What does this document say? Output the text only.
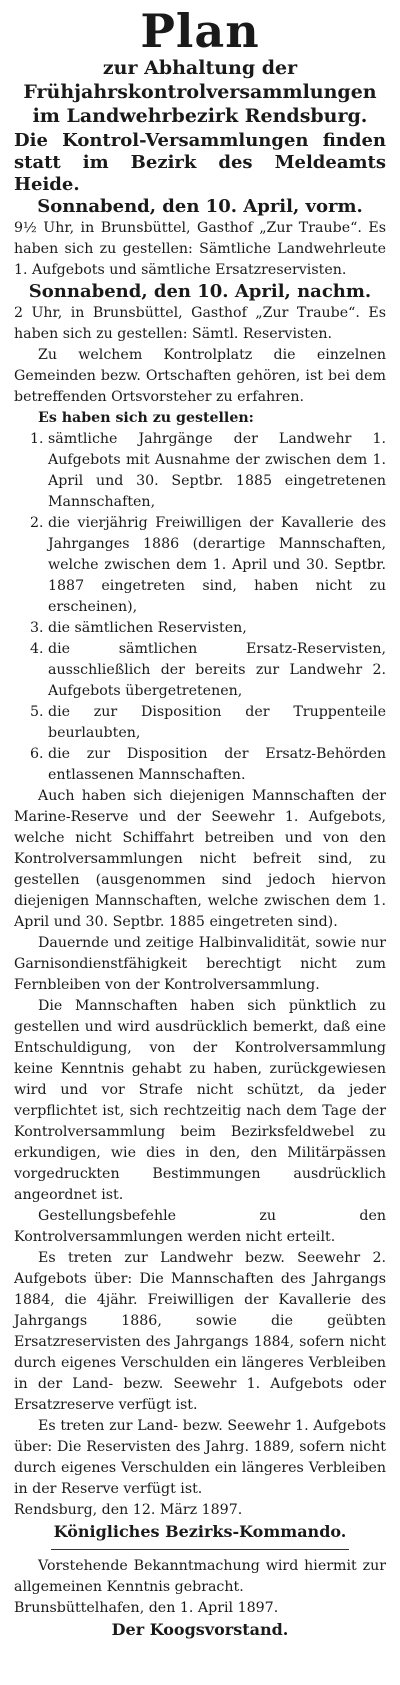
Plan
zur Abhaltung der Frühjahrskontrolversammlungen im Landwehrbezirk Rendsburg.
Die Kontrol-Versammlungen finden statt im Bezirk des Meldeamts Heide.
Sonnabend, den 10. April, vorm.

9½ Uhr, in Brunsbüttel, Gasthof „Zur Traube“. Es haben sich zu gestellen: Sämtliche Landwehrleute 1. Aufgebots und sämtliche Ersatzreservisten.

Sonnabend, den 10. April, nachm.

2 Uhr, in Brunsbüttel, Gasthof „Zur Traube“. Es haben sich zu gestellen: Sämtl. Reservisten.

Zu welchem Kontrolplatz die einzelnen Gemeinden bezw. Ortschaften gehören, ist bei dem betreffenden Ortsvorsteher zu erfahren.

Es haben sich zu gestellen:

1. sämtliche Jahrgänge der Landwehr 1. Aufgebots mit Ausnahme der zwischen dem 1. April und 30. Septbr. 1885 eingetretenen Mannschaften,
2. die vierjährig Freiwilligen der Kavallerie des Jahrganges 1886 (derartige Mannschaften, welche zwischen dem 1. April und 30. Septbr. 1887 eingetreten sind, haben nicht zu erscheinen),
3. die sämtlichen Reservisten,
4. die sämtlichen Ersatz-Reservisten, ausschließlich der bereits zur Landwehr 2. Aufgebots übergetretenen,
5. die zur Disposition der Truppenteile beurlaubten,
6. die zur Disposition der Ersatz-Behörden entlassenen Mannschaften.

Auch haben sich diejenigen Mannschaften der Marine-Reserve und der Seewehr 1. Aufgebots, welche nicht Schiffahrt betreiben und von den Kontrolversammlungen nicht befreit sind, zu gestellen (ausgenommen sind jedoch hiervon diejenigen Mannschaften, welche zwischen dem 1. April und 30. Septbr. 1885 eingetreten sind).

Dauernde und zeitige Halbinvalidität, sowie nur Garnisondienstfähigkeit berechtigt nicht zum Fernbleiben von der Kontrolversammlung.

Die Mannschaften haben sich pünktlich zu gestellen und wird ausdrücklich bemerkt, daß eine Entschuldigung, von der Kontrolversammlung keine Kenntnis gehabt zu haben, zurückgewiesen wird und vor Strafe nicht schützt, da jeder verpflichtet ist, sich rechtzeitig nach dem Tage der Kontrolversammlung beim Bezirksfeldwebel zu erkundigen, wie dies in den, den Militärpässen vorgedruckten Bestimmungen ausdrücklich angeordnet ist.

Gestellungsbefehle zu den Kontrolversammlungen werden nicht erteilt.

Es treten zur Landwehr bezw. Seewehr 2. Aufgebots über: Die Mannschaften des Jahrgangs 1884, die 4jähr. Freiwilligen der Kavallerie des Jahrgangs 1886, sowie die geübten Ersatzreservisten des Jahrgangs 1884, sofern nicht durch eigenes Verschulden ein längeres Verbleiben in der Land- bezw. Seewehr 1. Aufgebots oder Ersatzreserve verfügt ist.

Es treten zur Land- bezw. Seewehr 1. Aufgebots über: Die Reservisten des Jahrg. 1889, sofern nicht durch eigenes Verschulden ein längeres Verbleiben in der Reserve verfügt ist.

Rendsburg, den 12. März 1897.

Königliches Bezirks-Kommando.

Vorstehende Bekanntmachung wird hiermit zur allgemeinen Kenntnis gebracht.

Brunsbüttelhafen, den 1. April 1897.

Der Koogsvorstand.
